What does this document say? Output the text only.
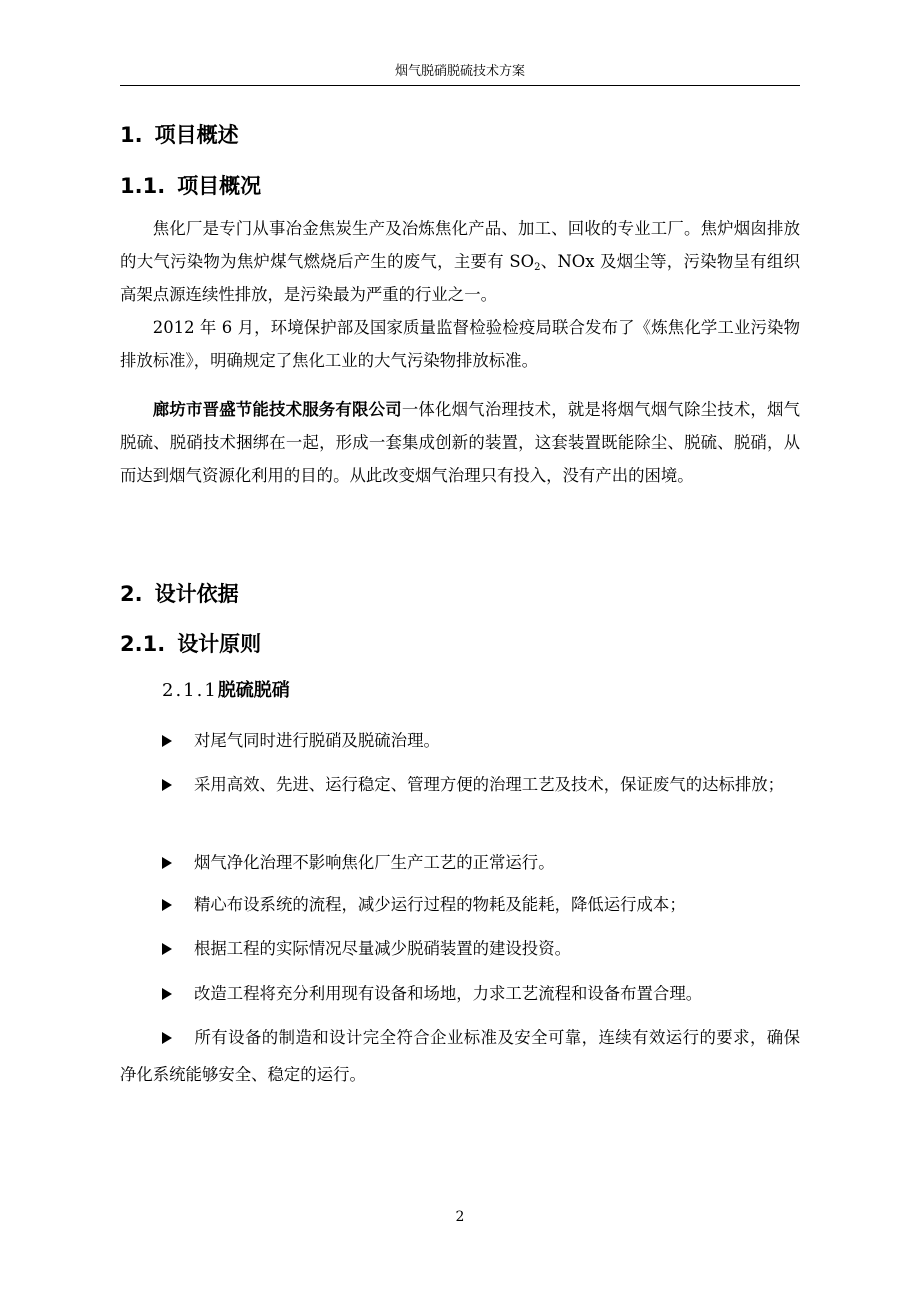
烟气脱硝脱硫技术方案
1. 项目概述
1.1. 项目概况

焦化厂是专门从事冶金焦炭生产及冶炼焦化产品、加工、回收的专业工厂。焦炉烟囱排放的大气污染物为焦炉煤气燃烧后产生的废气，主要有 $SO_2$、NOx 及烟尘等，污染物呈有组织高架点源连续性排放，是污染最为严重的行业之一。

2012 年 6 月，环境保护部及国家质量监督检验检疫局联合发布了《炼焦化学工业污染物排放标准》，明确规定了焦化工业的大气污染物排放标准。

廊坊市晋盛节能技术服务有限公司一体化烟气治理技术，就是将烟气烟气除尘技术，烟气脱硫、脱硝技术捆绑在一起，形成一套集成创新的装置，这套装置既能除尘、脱硫、脱硝，从而达到烟气资源化利用的目的。从此改变烟气治理只有投入，没有产出的困境。

2. 设计依据
2.1. 设计原则
2.1.1脱硫脱硝

对尾气同时进行脱硝及脱硫治理。

采用高效、先进、运行稳定、管理方便的治理工艺及技术，保证废气的达标排放；

烟气净化治理不影响焦化厂生产工艺的正常运行。

精心布设系统的流程，减少运行过程的物耗及能耗，降低运行成本；

根据工程的实际情况尽量减少脱硝装置的建设投资。

改造工程将充分利用现有设备和场地，力求工艺流程和设备布置合理。

所有设备的制造和设计完全符合企业标准及安全可靠，连续有效运行的要求，确保净化系统能够安全、稳定的运行。

2
